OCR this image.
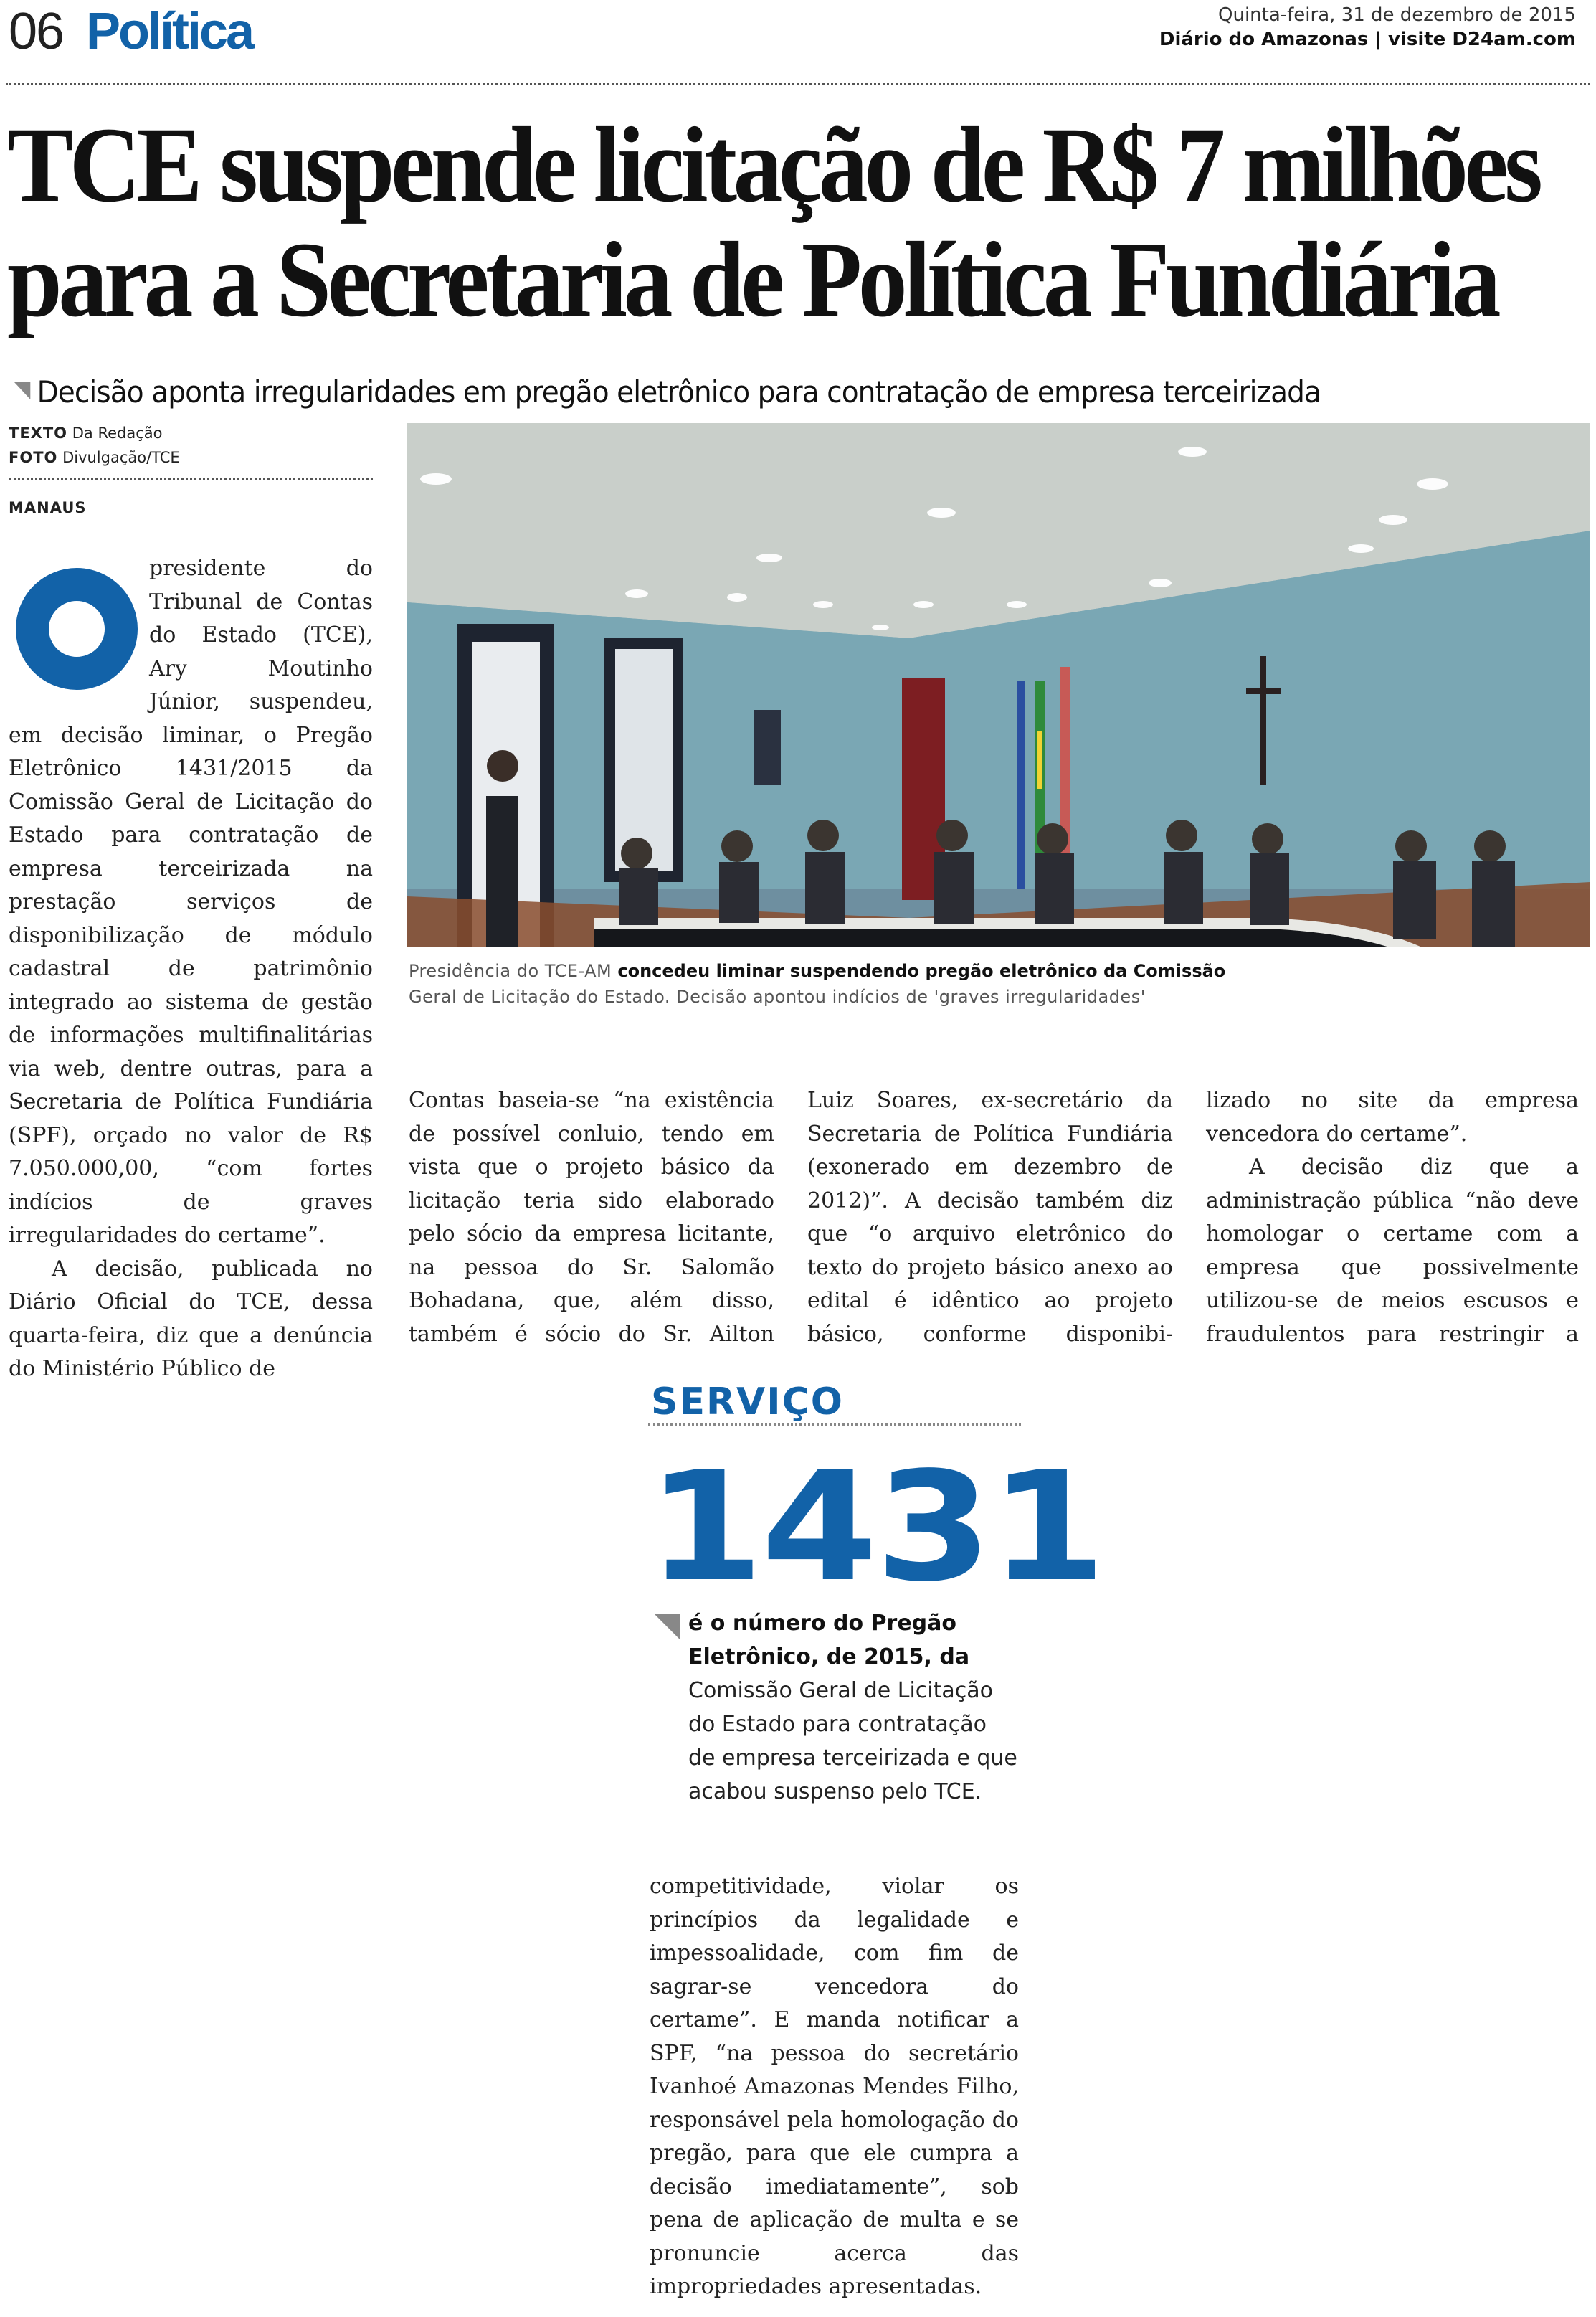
06 Política	Quinta-feira, 31 de dezembro de 2015
Diário do Amazonas | visite D24am.com
TCE suspende licitação de R$ 7 milhões
para a Secretaria de Política Fundiária
Decisão aponta irregularidades em pregão eletrônico para contratação de empresa terceirizada
TEXTO Da Redação
FOTO Divulgação/TCE
MANAUS
Presidência do TCE-AM concedeu liminar suspendendo pregão eletrônico da Comissão
Geral de Licitação do Estado. Decisão apontou indícios de 'graves irregularidades'

presidente do Tribunal de Contas do Estado (TCE), Ary Moutinho Júnior, suspendeu, em decisão liminar, o Pregão Eletrônico 1431/2015 da Comissão Geral de Licitação do Estado para contratação de empresa terceirizada na prestação serviços de disponibilização de módulo cadastral de patrimônio integrado ao sistema de gestão de informações multifinalitárias via web, dentre outras, para a Secretaria de Política Fundiária (SPF), orçado no valor de R$ 7.050.000,00, “com fortes indícios de graves irregularidades do certame”.

A decisão, publicada no Diário Oficial do TCE, dessa quarta-feira, diz que a denúncia do Ministério Público de

Contas baseia-se “na existência de possível conluio, tendo em vista que o projeto básico da licitação teria sido elaborado pelo sócio da empresa licitante, na pessoa do Sr. Salomão Bohadana, que, além disso, também é sócio do Sr. Ailton

Luiz Soares, ex-secretário da Secretaria de Política Fundiária (exonerado em dezembro de 2012)”. A decisão também diz que “o arquivo eletrônico do texto do projeto básico anexo ao edital é idêntico ao projeto básico, conforme disponibi-

lizado no site da empresa vencedora do certame”.

A decisão diz que a administração pública “não deve homologar o certame com a empresa que possivelmente utilizou-se de meios escusos e fraudulentos para restringir a

SERVIÇO
1431
é o número do Pregão Eletrônico, de 2015, da Comissão Geral de Licitação do Estado para contratação de empresa terceirizada e que acabou suspenso pelo TCE.

competitividade, violar os princípios da legalidade e impessoalidade, com fim de sagrar-se vencedora do certame”. E manda notificar a SPF, “na pessoa do secretário Ivanhoé Amazonas Mendes Filho, responsável pela homologação do pregão, para que ele cumpra a decisão imediatamente”, sob pena de aplicação de multa e se pronuncie acerca das impropriedades apresentadas.
